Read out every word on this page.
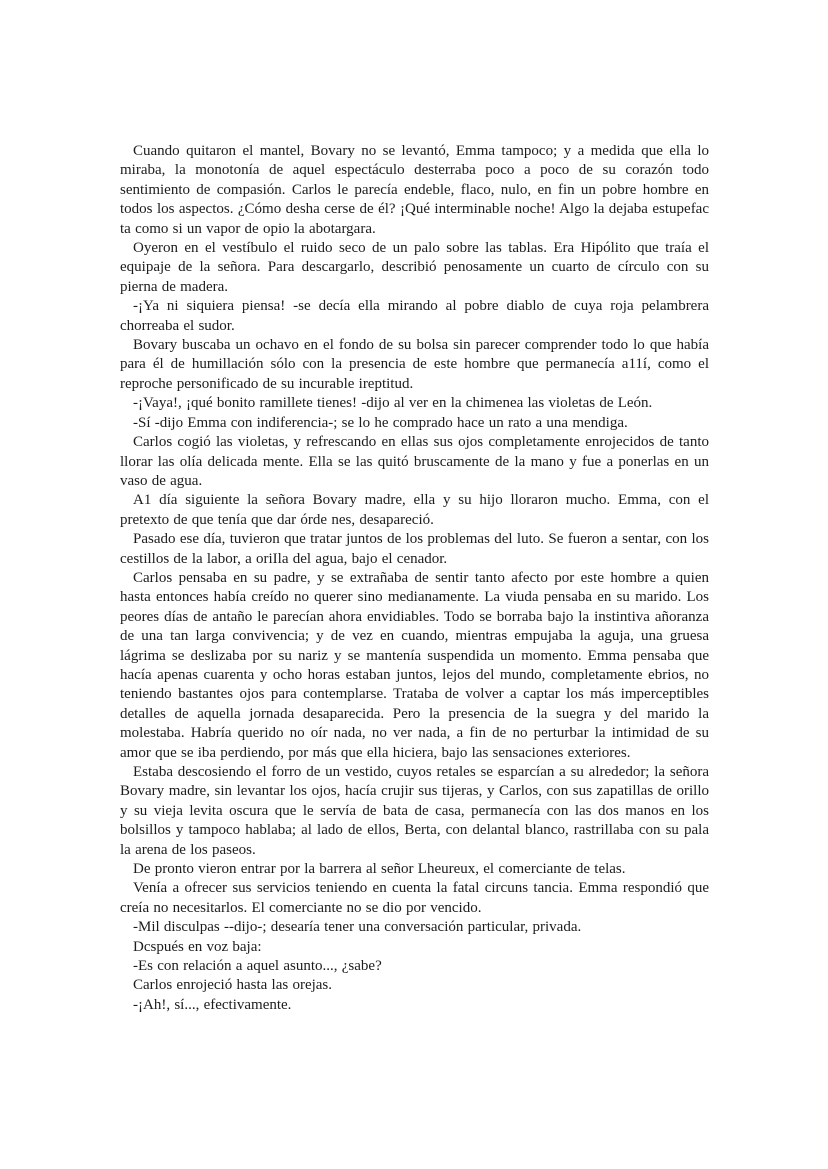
Cuando quitaron el mantel, Bovary no se levantó, Emma tampoco; y a medida que ella lo miraba, la monotonía de aquel espectáculo desterraba poco a poco de su corazón todo sentimiento de compasión. Carlos le parecía endeble, flaco, nulo, en fin un pobre hombre en todos los aspectos. ¿Cómo desha cerse de él? ¡Qué interminable noche! Algo la dejaba estupefac ta como si un vapor de opio la abotargara.

Oyeron en el vestíbulo el ruido seco de un palo sobre las tablas. Era Hipólito que traía el equipaje de la señora. Para descargarlo, describió penosamente un cuarto de círculo con su pierna de madera.

-¡Ya ni siquiera piensa! -se decía ella mirando al pobre diablo de cuya roja pelambrera chorreaba el sudor.

Bovary buscaba un ochavo en el fondo de su bolsa sin parecer comprender todo lo que había para él de humillación sólo con la presencia de este hombre que permanecía a11í, como el reproche personificado de su incurable ireptitud.

-¡Vaya!, ¡qué bonito ramillete tienes! -dijo al ver en la chimenea las violetas de León.

-Sí -dijo Emma con indiferencia-; se lo he comprado hace un rato a una mendiga.

Carlos cogió las violetas, y refrescando en ellas sus ojos completamente enrojecidos de tanto llorar las olía delicada mente. Ella se las quitó bruscamente de la mano y fue a ponerlas en un vaso de agua.

A1 día siguiente la señora Bovary madre, ella y su hijo lloraron mucho. Emma, con el pretexto de que tenía que dar órde nes, desapareció.

Pasado ese día, tuvieron que tratar juntos de los problemas del luto. Se fueron a sentar, con los cestillos de la labor, a oriIla del agua, bajo el cenador.

Carlos pensaba en su padre, y se extrañaba de sentir tanto afecto por este hombre a quien hasta entonces había creído no querer sino medianamente. La viuda pensaba en su marido. Los peores días de antaño le parecían ahora envidiables. Todo se borraba bajo la instintiva añoranza de una tan larga convivencia; y de vez en cuando, mientras empujaba la aguja, una gruesa lágrima se deslizaba por su nariz y se mantenía suspendida un momento. Emma pensaba que hacía apenas cuarenta y ocho horas estaban juntos, lejos del mundo, completamente ebrios, no teniendo bastantes ojos para contemplarse. Trataba de volver a captar los más imperceptibles detalles de aquella jornada desaparecida. Pero la presencia de la suegra y del marido la molestaba. Habría querido no oír nada, no ver nada, a fin de no perturbar la intimidad de su amor que se iba perdiendo, por más que ella hiciera, bajo las sensaciones exteriores.

Estaba descosiendo el forro de un vestido, cuyos retales se esparcían a su alrededor; la señora Bovary madre, sin levantar los ojos, hacía crujir sus tijeras, y Carlos, con sus zapatillas de orillo y su vieja levita oscura que le servía de bata de casa, permanecía con las dos manos en los bolsillos y tampoco hablaba; al lado de ellos, Berta, con delantal blanco, rastrillaba con su pala la arena de los paseos.

De pronto vieron entrar por la barrera al señor Lheureux, el comerciante de telas.

Venía a ofrecer sus servicios teniendo en cuenta la fatal circuns tancia. Emma respondió que creía no necesitarlos. El comerciante no se dio por vencido.

-Mil disculpas --dijo-; desearía tener una conversación particular, privada.

Dcspués en voz baja:

-Es con relación a aquel asunto..., ¿sabe?

Carlos enrojeció hasta las orejas.

-¡Ah!, sí..., efectivamente.
